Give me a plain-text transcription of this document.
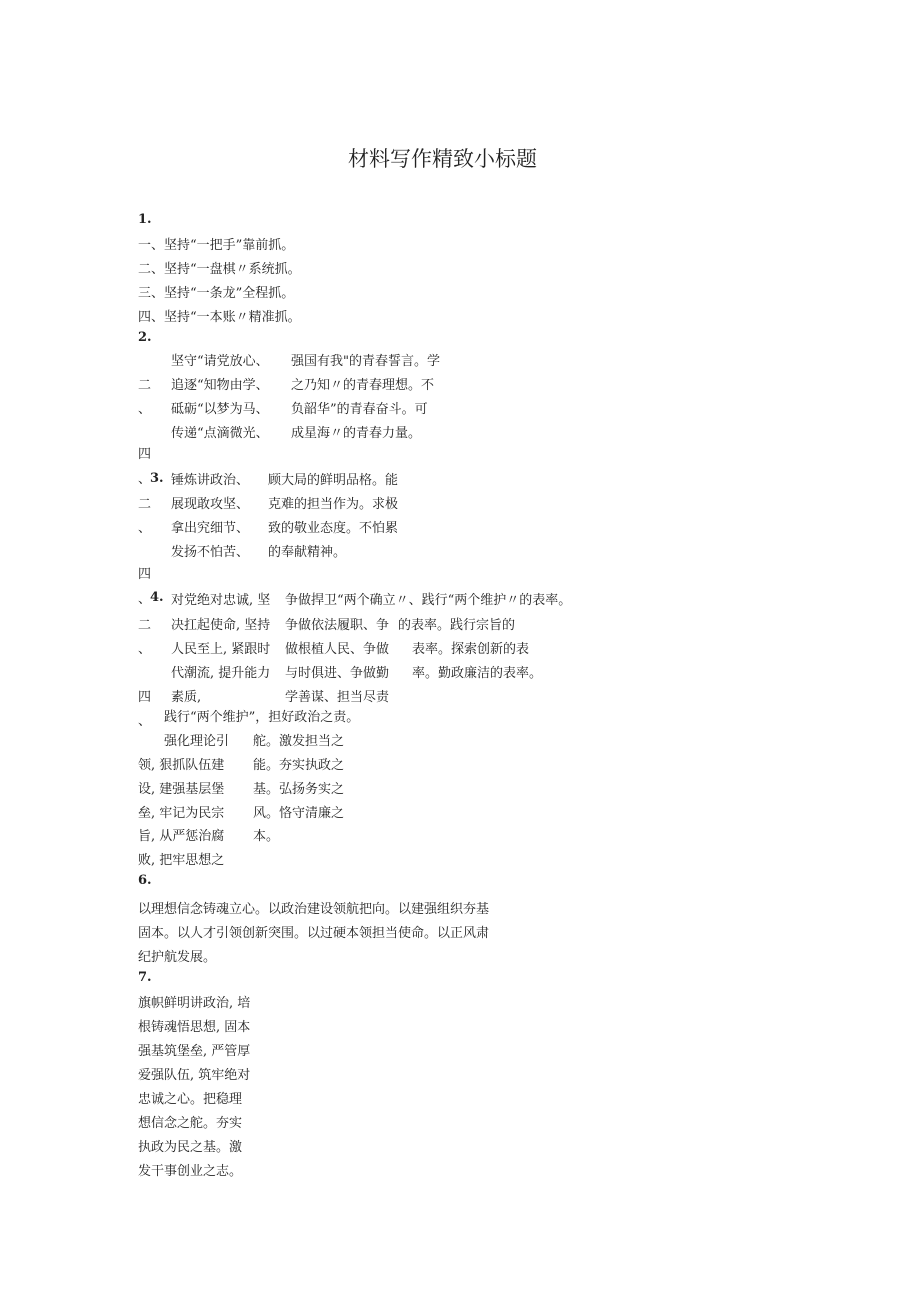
材料写作精致小标题
1.
一、坚持“一把手”靠前抓。
二、坚持“一盘棋〃系统抓。
三、坚持“一条龙”全程抓。
四、坚持“一本账〃精准抓。
2.
坚守“请党放心、
追逐“知物由学、
砥砺“以梦为马、
传递“点滴微光、
强国有我"的青春誓言。学
之乃知〃的青春理想。不
负韶华”的青春奋斗。可
成星海〃的青春力量。
二
、
四
、
3. 锤炼讲政治、
展现敢攻坚、
拿出究细节、
发扬不怕苦、
顾大局的鲜明品格。能
克难的担当作为。求极
致的敬业态度。不怕累
的奉献精神。
二
、
四
、
4. 对党绝对忠诚, 坚
决扛起使命, 坚持
人民至上, 紧跟时
代潮流, 提升能力
素质,
争做捍卫“两个确立〃、践行“两个维护〃的表率。
争做依法履职、争
做根植人民、争做
与时俱进、争做勤
学善谋、担当尽责
的表率。践行宗旨的
表率。探索创新的表
率。勤政廉洁的表率。
二
、
四
、 践行“两个维护”，担好政治之责。
强化理论引
领, 狠抓队伍建
设, 建强基层堡
垒, 牢记为民宗
旨, 从严惩治腐
败, 把牢思想之
舵。激发担当之
能。夯实执政之
基。弘扬务实之
风。恪守清廉之
本。
6.
以理想信念铸魂立心。以政治建设领航把向。以建强组织夯基
固本。以人才引领创新突围。以过硬本领担当使命。以正风肃
纪护航发展。
7.
旗帜鲜明讲政治, 培
根铸魂悟思想, 固本
强基筑堡垒, 严管厚
爱强队伍, 筑牢绝对
忠诚之心。把稳理
想信念之舵。夯实
执政为民之基。激
发干事创业之志。
